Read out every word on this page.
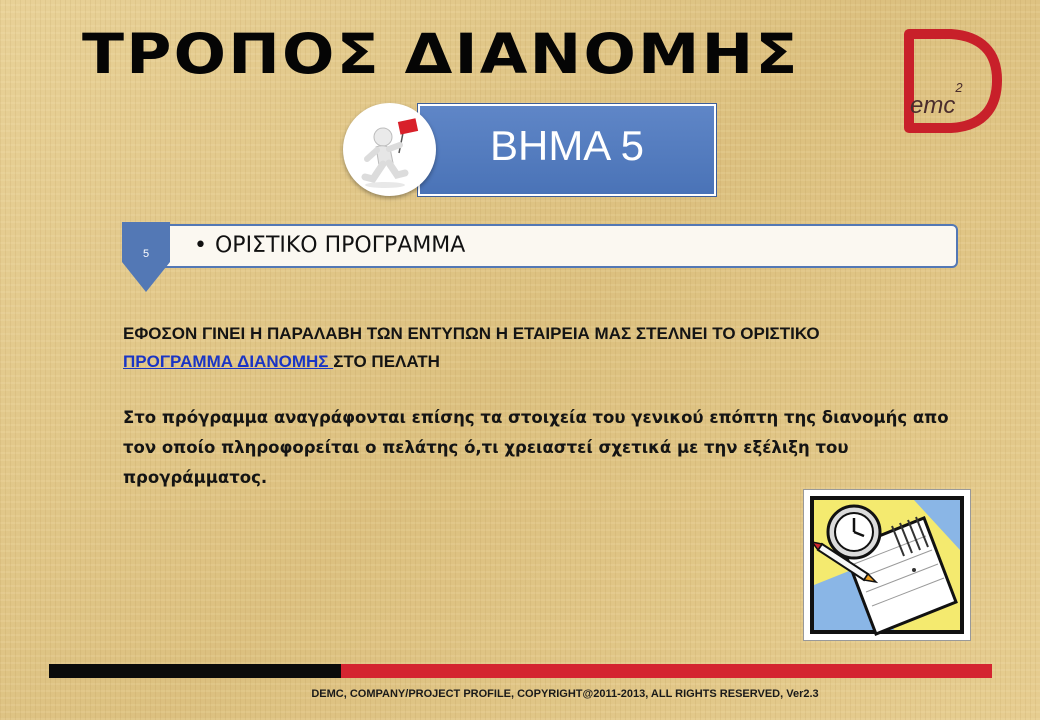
ΤΡΟΠΟΣ ΔΙΑΝΟΜΗΣ
emc$^2$
ΒΗΜΑ 5
• ΟΡΙΣΤΙΚΟ ΠΡΟΓΡΑΜΜΑ
5
ΕΦΟΣΟΝ ΓΙΝΕΙ Η ΠΑΡΑΛΑΒΗ ΤΩΝ ΕΝΤΥΠΩΝ Η ΕΤΑΙΡΕΙΑ ΜΑΣ ΣΤΕΛΝΕΙ ΤΟ ΟΡΙΣΤΙΚΟ
ΠΡΟΓΡΑΜΜΑ ΔΙΑΝΟΜΗΣ ΣΤΟ ΠΕΛΑΤΗ
Στο πρόγραμμα αναγράφονται επίσης τα στοιχεία του γενικού επόπτη της διανομής απο τον οποίο πληροφορείται ο πελάτης ό,τι χρειαστεί σχετικά με την εξέλιξη του προγράμματος.
DEMC, COMPANY/PROJECT PROFILE, COPYRIGHT@2011-2013, ALL RIGHTS RESERVED, Ver2.3
